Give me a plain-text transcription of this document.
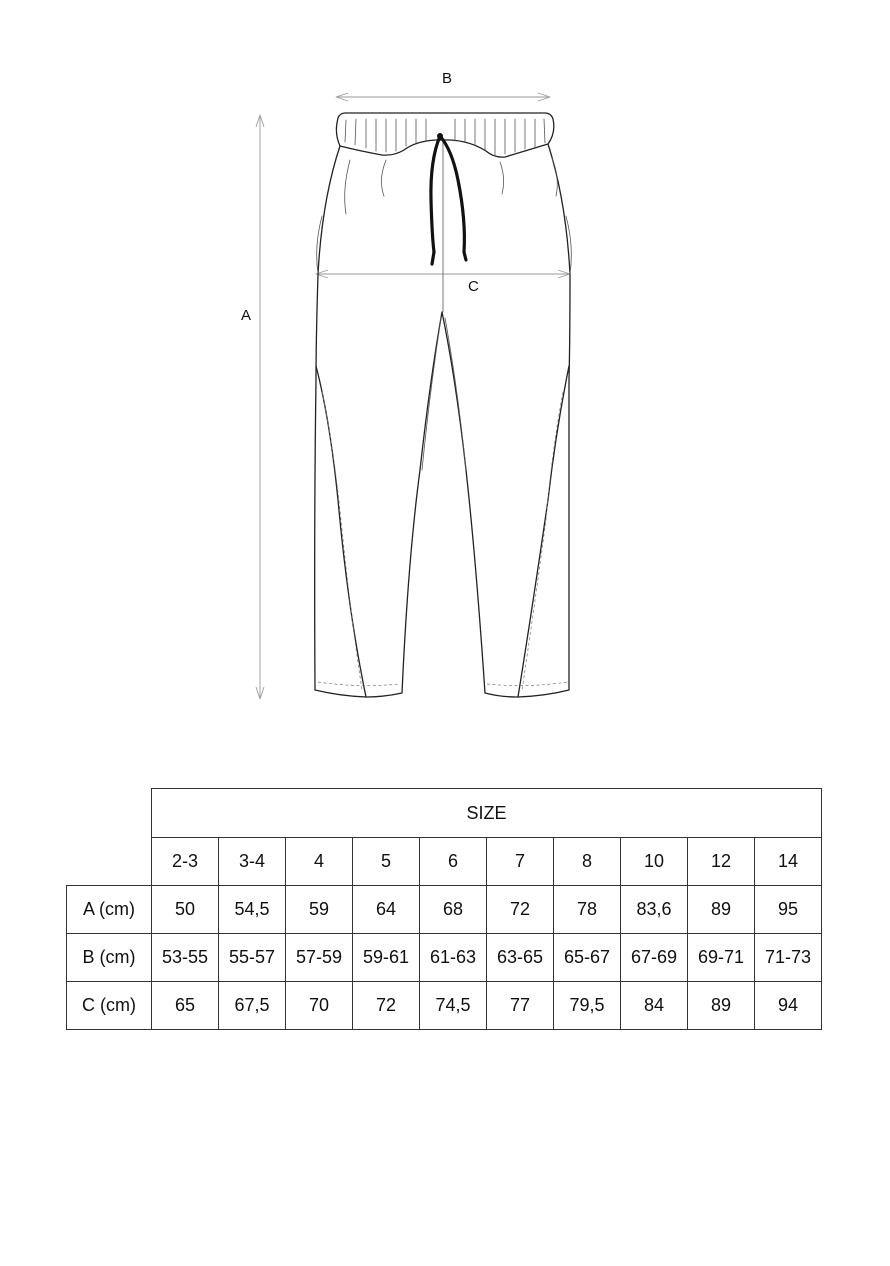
A
B
C
	SIZE									
	2-3	3-4	4	5	6	7	8	10	12	14
A (cm)	50	54,5	59	64	68	72	78	83,6	89	95
B (cm)	53-55	55-57	57-59	59-61	61-63	63-65	65-67	67-69	69-71	71-73
C (cm)	65	67,5	70	72	74,5	77	79,5	84	89	94
